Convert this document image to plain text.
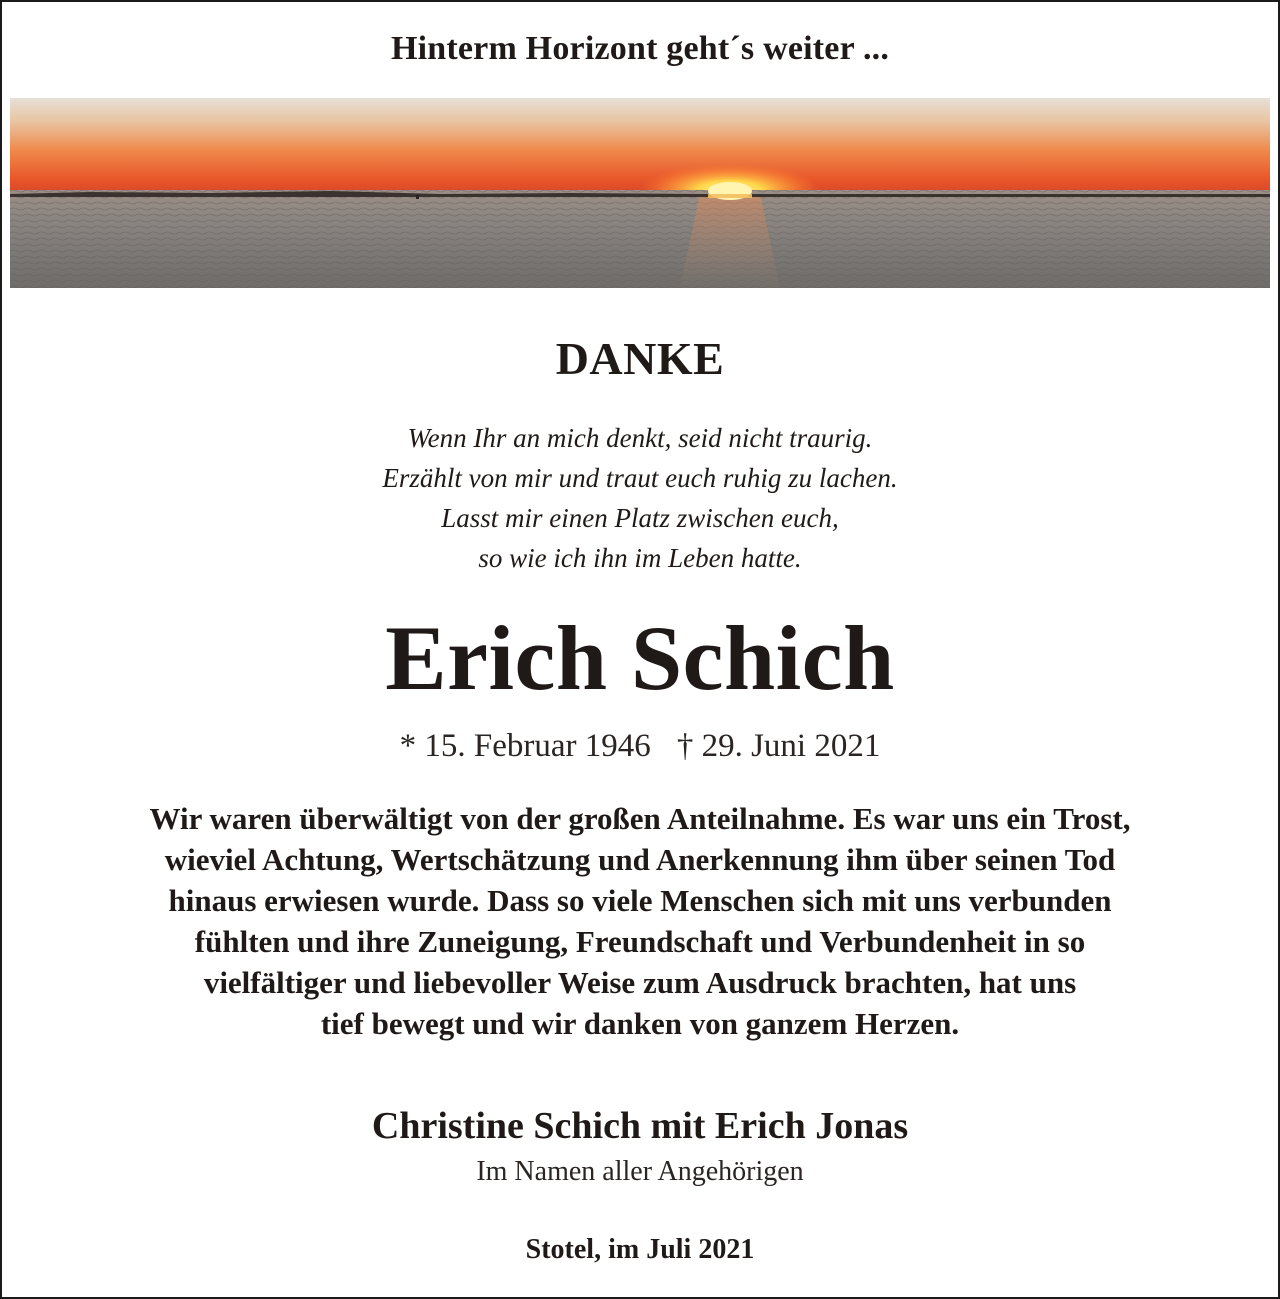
Hinterm Horizont geht´s weiter ...
DANKE
Wenn Ihr an mich denkt, seid nicht traurig.
Erzählt von mir und traut euch ruhig zu lachen.
Lasst mir einen Platz zwischen euch,
so wie ich ihn im Leben hatte.
Erich Schich
* 15. Februar 1946 † 29. Juni 2021
Wir waren überwältigt von der großen Anteilnahme. Es war uns ein Trost,
wieviel Achtung, Wertschätzung und Anerkennung ihm über seinen Tod
hinaus erwiesen wurde. Dass so viele Menschen sich mit uns verbunden
fühlten und ihre Zuneigung, Freundschaft und Verbundenheit in so
vielfältiger und liebevoller Weise zum Ausdruck brachten, hat uns
tief bewegt und wir danken von ganzem Herzen.
Christine Schich mit Erich Jonas
Im Namen aller Angehörigen
Stotel, im Juli 2021
